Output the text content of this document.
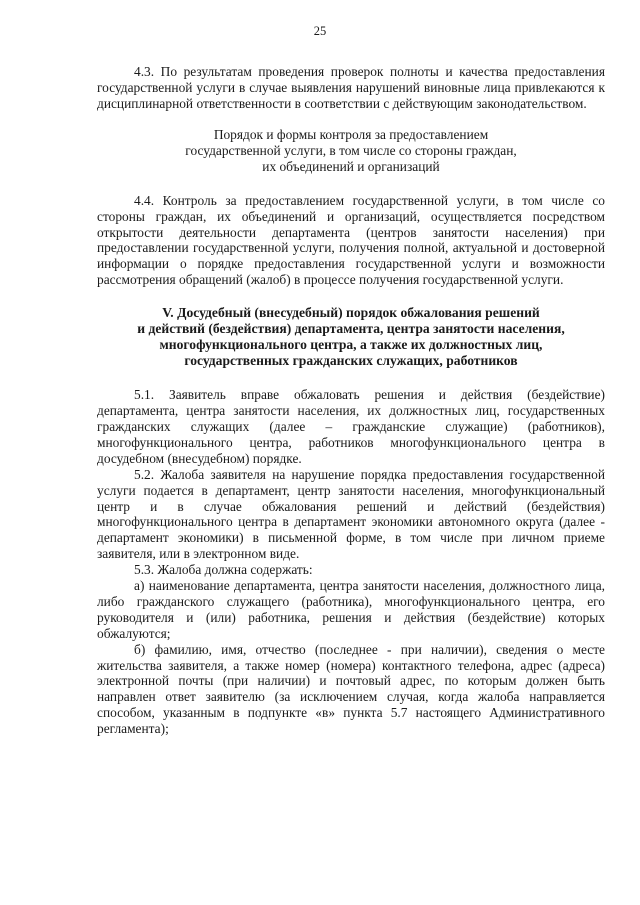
25

4.3. По результатам проведения проверок полноты и качества предоставления государственной услуги в случае выявления нарушений виновные лица привлекаются к дисциплинарной ответственности в соответствии с действующим законодательством.

Порядок и формы контроля за предоставлением

государственной услуги, в том числе со стороны граждан,

их объединений и организаций

4.4. Контроль за предоставлением государственной услуги, в том числе со стороны граждан, их объединений и организаций, осуществляется посредством открытости деятельности департамента (центров занятости населения) при предоставлении государственной услуги, получения полной, актуальной и достоверной информации о порядке предоставления государственной услуги и возможности рассмотрения обращений (жалоб) в процессе получения государственной услуги.

V. Досудебный (внесудебный) порядок обжалования решений

и действий (бездействия) департамента, центра занятости населения,

многофункционального центра, а также их должностных лиц,

государственных гражданских служащих, работников

5.1. Заявитель вправе обжаловать решения и действия (бездействие) департамента, центра занятости населения, их должностных лиц, государственных гражданских служащих (далее – гражданские служащие) (работников), многофункционального центра, работников многофункционального центра в досудебном (внесудебном) порядке.

5.2. Жалоба заявителя на нарушение порядка предоставления государственной услуги подается в департамент, центр занятости населения, многофункциональный центр и в случае обжалования решений и действий (бездействия) многофункционального центра в департамент экономики автономного округа (далее - департамент экономики) в письменной форме, в том числе при личном приеме заявителя, или в электронном виде.

5.3. Жалоба должна содержать:

а) наименование департамента, центра занятости населения, должностного лица, либо гражданского служащего (работника), многофункционального центра, его руководителя и (или) работника, решения и действия (бездействие) которых обжалуются;

б) фамилию, имя, отчество (последнее - при наличии), сведения о месте жительства заявителя, а также номер (номера) контактного телефона, адрес (адреса) электронной почты (при наличии) и почтовый адрес, по которым должен быть направлен ответ заявителю (за исключением случая, когда жалоба направляется способом, указанным в подпункте «в» пункта 5.7 настоящего Административного регламента);
